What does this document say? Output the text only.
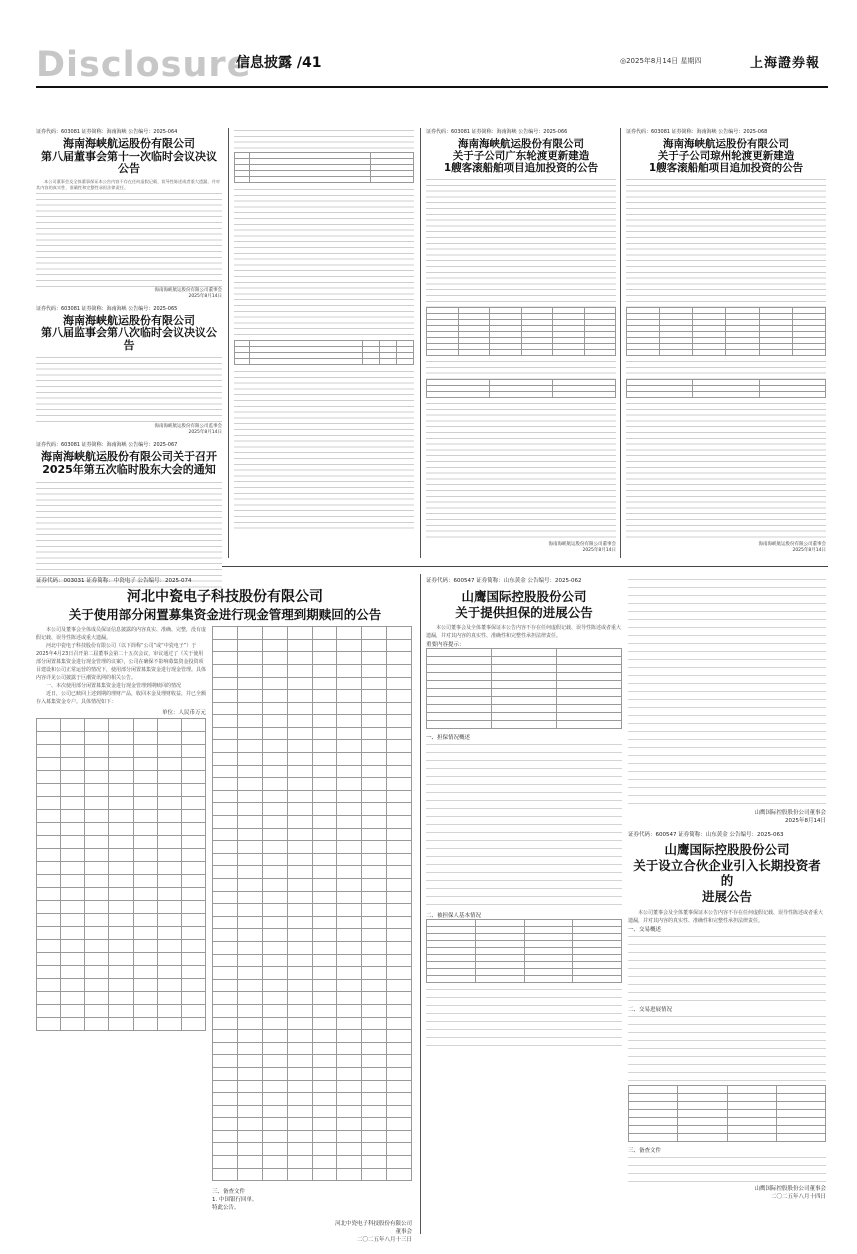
Disclosure
信息披露 /41	◎2025年8月14日 星期四	上海證券報
证券代码：603081 证券简称：海南海峡 公告编号：2025-064
海南海峡航运股份有限公司
第八届董事会第十一次临时会议决议公告

本公司董事会及全体董事保证本公告内容不存在任何虚假记载、误导性陈述或者重大遗漏，并对其内容的真实性、准确性和完整性承担法律责任。

海南海峡航运股份有限公司董事会
2025年8月14日
证券代码：603081 证券简称：海南海峡 公告编号：2025-065
海南海峡航运股份有限公司
第八届监事会第八次临时会议决议公告
海南海峡航运股份有限公司监事会
2025年8月14日
证券代码：603081 证券简称：海南海峡 公告编号：2025-067
海南海峡航运股份有限公司关于召开
2025年第五次临时股东大会的通知

证券代码：603081 证券简称：海南海峡 公告编号：2025-066
海南海峡航运股份有限公司
关于子公司广东轮渡更新建造
1艘客滚船舶项目追加投资的公告

海南海峡航运股份有限公司董事会
2025年8月14日
证券代码：603081 证券简称：海南海峡 公告编号：2025-068
海南海峡航运股份有限公司
关于子公司琼州轮渡更新建造
1艘客滚船舶项目追加投资的公告

海南海峡航运股份有限公司董事会
2025年8月14日
证券代码：003031 证券简称：中瓷电子 公告编号：2025-074
河北中瓷电子科技股份有限公司
关于使用部分闲置募集资金进行现金管理到期赎回的公告

本公司及董事会全体成员保证信息披露的内容真实、准确、完整，没有虚假记载、误导性陈述或重大遗漏。

河北中瓷电子科技股份有限公司（以下简称“公司”或“中瓷电子”）于2025年4月23日召开第二届董事会第二十五次会议，审议通过了《关于使用部分闲置募集资金进行现金管理的议案》，公司在确保不影响募集资金投资项目建设和公司正常运营的情况下，使用部分闲置募集资金进行现金管理。具体内容详见公司披露于巨潮资讯网的相关公告。

一、本次使用部分闲置募集资金进行现金管理到期赎回的情况

近日，公司已赎回上述到期的理财产品，收回本金及理财收益，并已全额存入募集资金专户。具体情况如下：

单位：人民币万元

三、备查文件
1. 中国银行回单。
特此公告。
河北中瓷电子科技股份有限公司
董事会
二〇二五年八月十三日
证券代码：600547 证券简称：山东黄金 公告编号：2025-062
山鹰国际控股股份公司
关于提供担保的进展公告

本公司董事会及全体董事保证本公告内容不存在任何虚假记载、误导性陈述或者重大遗漏，并对其内容的真实性、准确性和完整性承担法律责任。

重要内容提示：

一、担保情况概述
二、被担保人基本情况

山鹰国际控股股份公司董事会
2025年8月14日
证券代码：600547 证券简称：山东黄金 公告编号：2025-063
山鹰国际控股股份公司
关于设立合伙企业引入长期投资者的
进展公告

本公司董事会及全体董事保证本公告内容不存在任何虚假记载、误导性陈述或者重大遗漏，并对其内容的真实性、准确性和完整性承担法律责任。

一、交易概述
二、交易进展情况

三、备查文件
山鹰国际控股股份公司董事会
二〇二五年八月十四日
